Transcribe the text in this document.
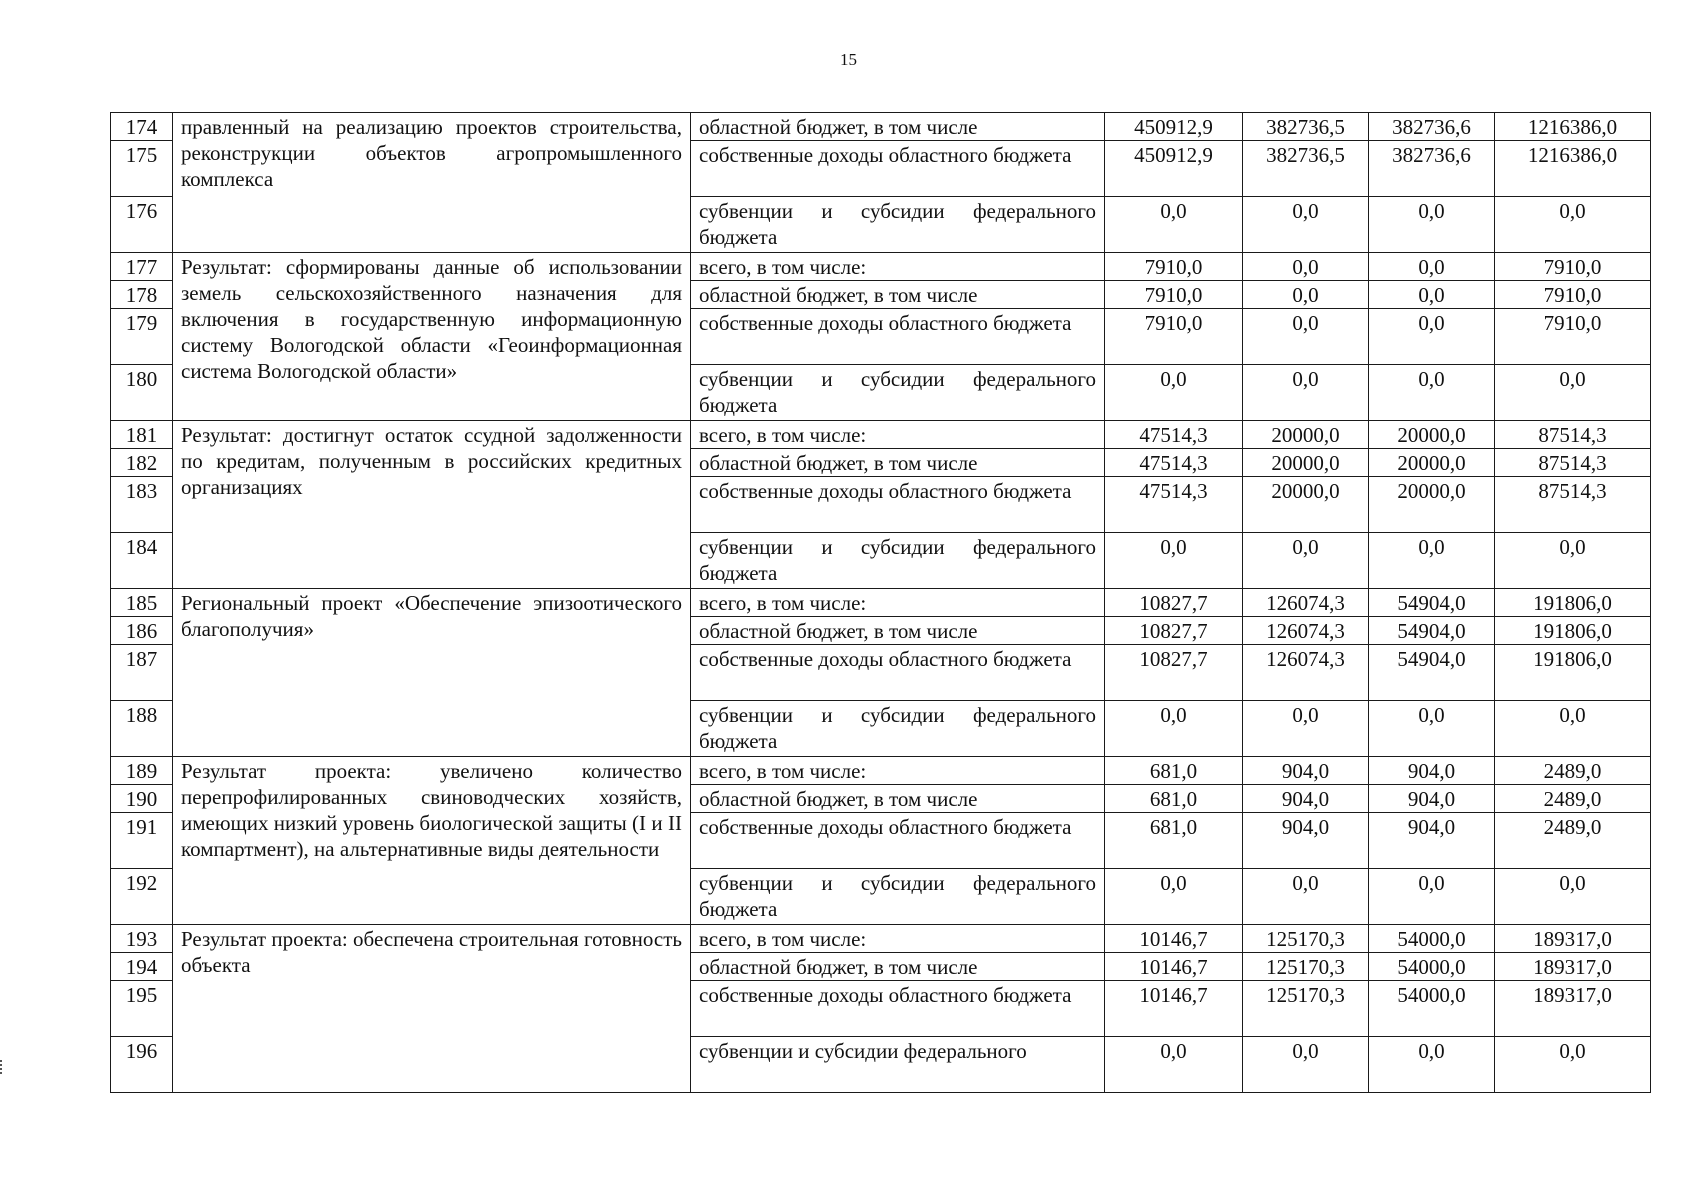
15
174	правленный на реализацию проектов строительства, реконструкции объектов агропромышленного комплекса	областной бюджет, в том числе	450912,9	382736,5	382736,6	1216386,0
175		собственные доходы областного бюджета	450912,9	382736,5	382736,6	1216386,0
176		субвенции и субсидии федерального бюджета	0,0	0,0	0,0	0,0
177	Результат: сформированы данные об использовании земель сельскохозяйственного назначения для включения в государственную информационную систему Вологодской области «Геоинформационная система Вологодской области»	всего, в том числе:	7910,0	0,0	0,0	7910,0
178		областной бюджет, в том числе	7910,0	0,0	0,0	7910,0
179		собственные доходы областного бюджета	7910,0	0,0	0,0	7910,0
180		субвенции и субсидии федерального бюджета	0,0	0,0	0,0	0,0
181	Результат: достигнут остаток ссудной задолженности по кредитам, полученным в российских кредитных организациях	всего, в том числе:	47514,3	20000,0	20000,0	87514,3
182		областной бюджет, в том числе	47514,3	20000,0	20000,0	87514,3
183		собственные доходы областного бюджета	47514,3	20000,0	20000,0	87514,3
184		субвенции и субсидии федерального бюджета	0,0	0,0	0,0	0,0
185	Региональный проект «Обеспечение эпизоотического благополучия»	всего, в том числе:	10827,7	126074,3	54904,0	191806,0
186		областной бюджет, в том числе	10827,7	126074,3	54904,0	191806,0
187		собственные доходы областного бюджета	10827,7	126074,3	54904,0	191806,0
188		субвенции и субсидии федерального бюджета	0,0	0,0	0,0	0,0
189	Результат проекта: увеличено количество перепрофилированных свиноводческих хозяйств, имеющих низкий уровень биологической защиты (I и II компартмент), на альтернативные виды деятельности	всего, в том числе:	681,0	904,0	904,0	2489,0
190		областной бюджет, в том числе	681,0	904,0	904,0	2489,0
191		собственные доходы областного бюджета	681,0	904,0	904,0	2489,0
192		субвенции и субсидии федерального бюджета	0,0	0,0	0,0	0,0
193	Результат проекта: обеспечена строительная готовность объекта	всего, в том числе:	10146,7	125170,3	54000,0	189317,0
194		областной бюджет, в том числе	10146,7	125170,3	54000,0	189317,0
195		собственные доходы областного бюджета	10146,7	125170,3	54000,0	189317,0
196		субвенции и субсидии федерального	0,0	0,0	0,0	0,0
